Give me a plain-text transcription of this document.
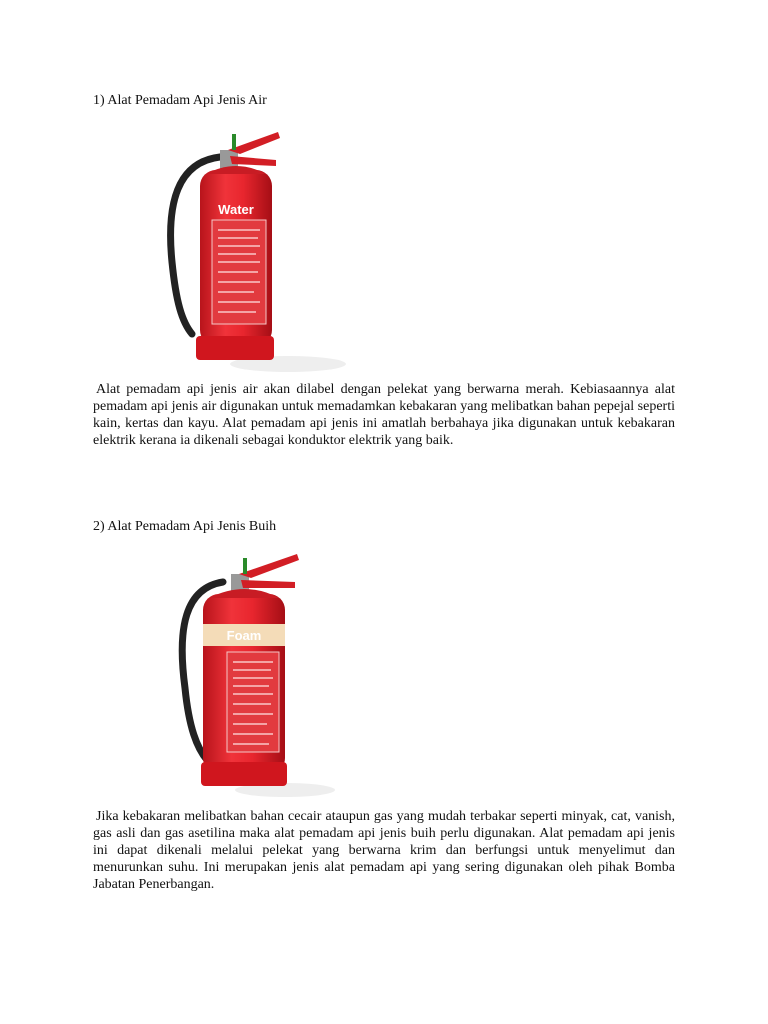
1) Alat Pemadam Api Jenis Air
Water

Alat pemadam api jenis air akan dilabel dengan pelekat yang berwarna merah. Kebiasaannya alat pemadam api jenis air digunakan untuk memadamkan kebakaran yang melibatkan bahan pepejal seperti kain, kertas dan kayu. Alat pemadam api jenis ini amatlah berbahaya jika digunakan untuk kebakaran elektrik kerana ia dikenali sebagai konduktor elektrik yang baik.

2) Alat Pemadam Api Jenis Buih
Foam

Jika kebakaran melibatkan bahan cecair ataupun gas yang mudah terbakar seperti minyak, cat, vanish, gas asli dan gas asetilina maka alat pemadam api jenis buih perlu digunakan. Alat pemadam api jenis ini dapat dikenali melalui pelekat yang berwarna krim dan berfungsi untuk menyelimut dan menurunkan suhu. Ini merupakan jenis alat pemadam api yang sering digunakan oleh pihak Bomba Jabatan Penerbangan.
